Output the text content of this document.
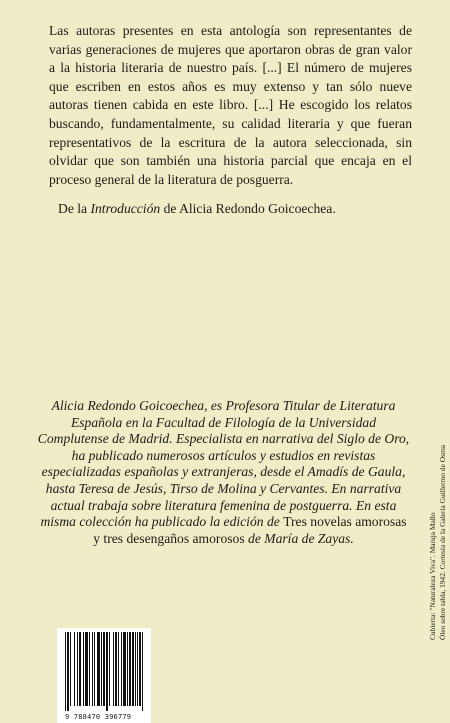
Las autoras presentes en esta antología son representantes de varias generaciones de mujeres que aportaron obras de gran valor a la historia literaria de nuestro país. [...] El número de mujeres que escriben en estos años es muy extenso y tan sólo nueve autoras tienen cabida en este libro. [...] He escogido los relatos buscando, fundamentalmente, su calidad literaria y que fueran representativos de la escritura de la autora seleccionada, sin olvidar que son también una historia parcial que encaja en el proceso general de la literatura de posguerra.

De la Introducción de Alicia Redondo Goicoechea.
Alicia Redondo Goicoechea, es Profesora Titular de Literatura Española en la Facultad de Filología de la Universidad Complutense de Madrid. Especialista en narrativa del Siglo de Oro, ha publicado numerosos artículos y estudios en revistas especializadas españolas y extranjeras, desde el Amadís de Gaula, hasta Teresa de Jesús, Tirso de Molina y Cervantes. En narrativa actual trabaja sobre literatura femenina de postguerra. En esta misma colección ha publicado la edición de Tres novelas amorosas y tres desengaños amorosos de María de Zayas.	Cubierta: "Naturaleza Viva". Maruja Mallo Óleo sobre tabla, 1942. Cortesía de la Galería Guillermo de Osma
9 788470 396779
